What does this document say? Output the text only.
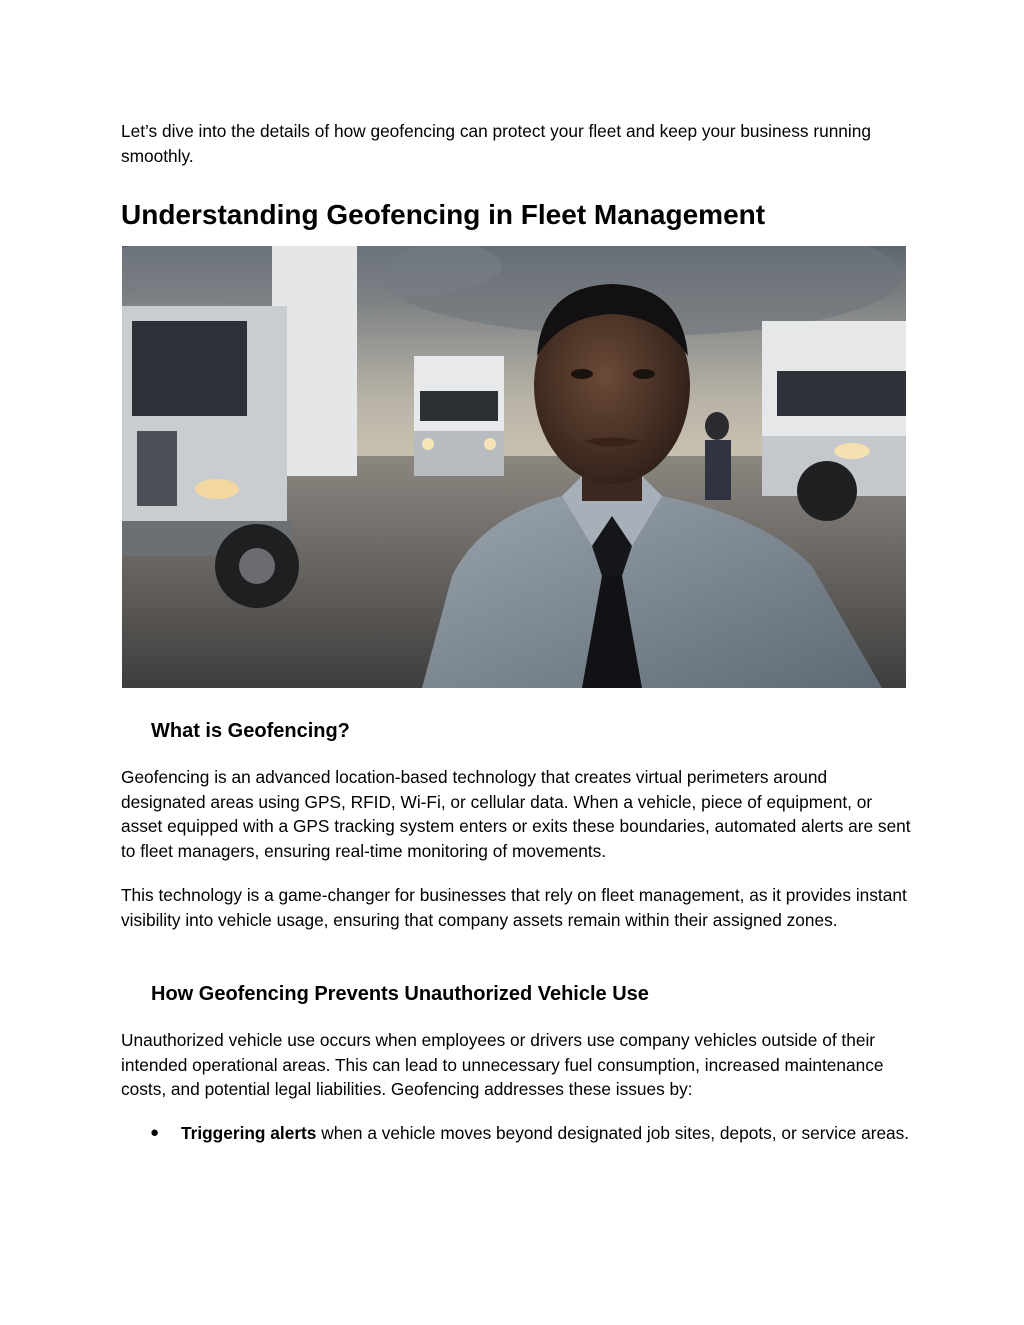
Let’s dive into the details of how geofencing can protect your fleet and keep your business running smoothly.

Understanding Geofencing in Fleet Management
What is Geofencing?

Geofencing is an advanced location-based technology that creates virtual perimeters around designated areas using GPS, RFID, Wi-Fi, or cellular data. When a vehicle, piece of equipment, or asset equipped with a GPS tracking system enters or exits these boundaries, automated alerts are sent to fleet managers, ensuring real-time monitoring of movements.

This technology is a game-changer for businesses that rely on fleet management, as it provides instant visibility into vehicle usage, ensuring that company assets remain within their assigned zones.

How Geofencing Prevents Unauthorized Vehicle Use

Unauthorized vehicle use occurs when employees or drivers use company vehicles outside of their intended operational areas. This can lead to unnecessary fuel consumption, increased maintenance costs, and potential legal liabilities. Geofencing addresses these issues by:

● Triggering alerts when a vehicle moves beyond designated job sites, depots, or service areas.
